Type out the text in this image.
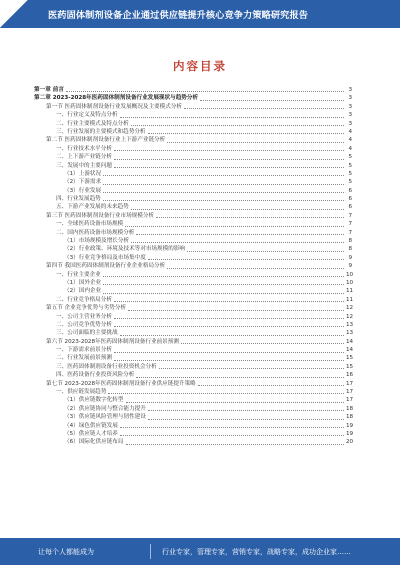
医药固体制剂设备企业通过供应链提升核心竞争力策略研究报告
内容目录
第一章 前言	3
第二章 2023-2028年医药固体制剂设备行业发展现状与趋势分析	3
第一节 医药固体制剂设备行业发展概况及主要模式分析	3
一、行业定义及特点分析	3
二、行业主要模式及特点分析	3
三、行业发展的主要模式和趋势分析	4
第二节 医药固体制剂设备行业上下游产业链分析	4
一、行业技术水平分析	4
二、上下游产业链分析	5
三、发展中的主要问题	5
（1）上游状况	5
（2）下游需求	5
（3）行业发展	6
四、行业发展趋势	6
五、下游产业发展的未来趋势	6
第三节 医药固体制剂设备行业市场规模分析	7
一、全球医药设备市场规模	7
二、国内医药设备市场规模分析	7
（1）市场规模及增长分析	8
（2）行业政策、环境及技术等对市场规模的影响	8
（3）行业竞争格局及市场集中度	9
第四节 我国医药固体制剂设备行业企业格局分析	9
一、行业主要企业	10
（1）国外企业	10
（2）国内企业	11
二、行业竞争格局分析	11
第五节 企业竞争优势与劣势分析	12
一、公司主营业务分析	12
二、公司竞争优势分析	13
三、公司面临的主要挑战	13
第六节 2023-2028年医药固体制剂设备行业前景预测	14
一、下游需求前景分析	14
二、行业发展前景预测	15
三、医药固体制剂设备行业投资机会分析	15
四、医药设备行业投资风险分析	16
第七节 2023-2028年医药固体制剂设备行业供应链提升策略	17
一、供应链发展趋势	17
（1）供应链数字化转型	17
（2）供应链协同与整合能力提升	18
（3）供应链风险管理与韧性建设	18
（4）绿色供应链发展	19
（5）供应链人才培养	19
（6）国际化供应链布局	20
让每个人都能成为	行业专家，管理专家，营销专家，战略专家，成功企业家……
